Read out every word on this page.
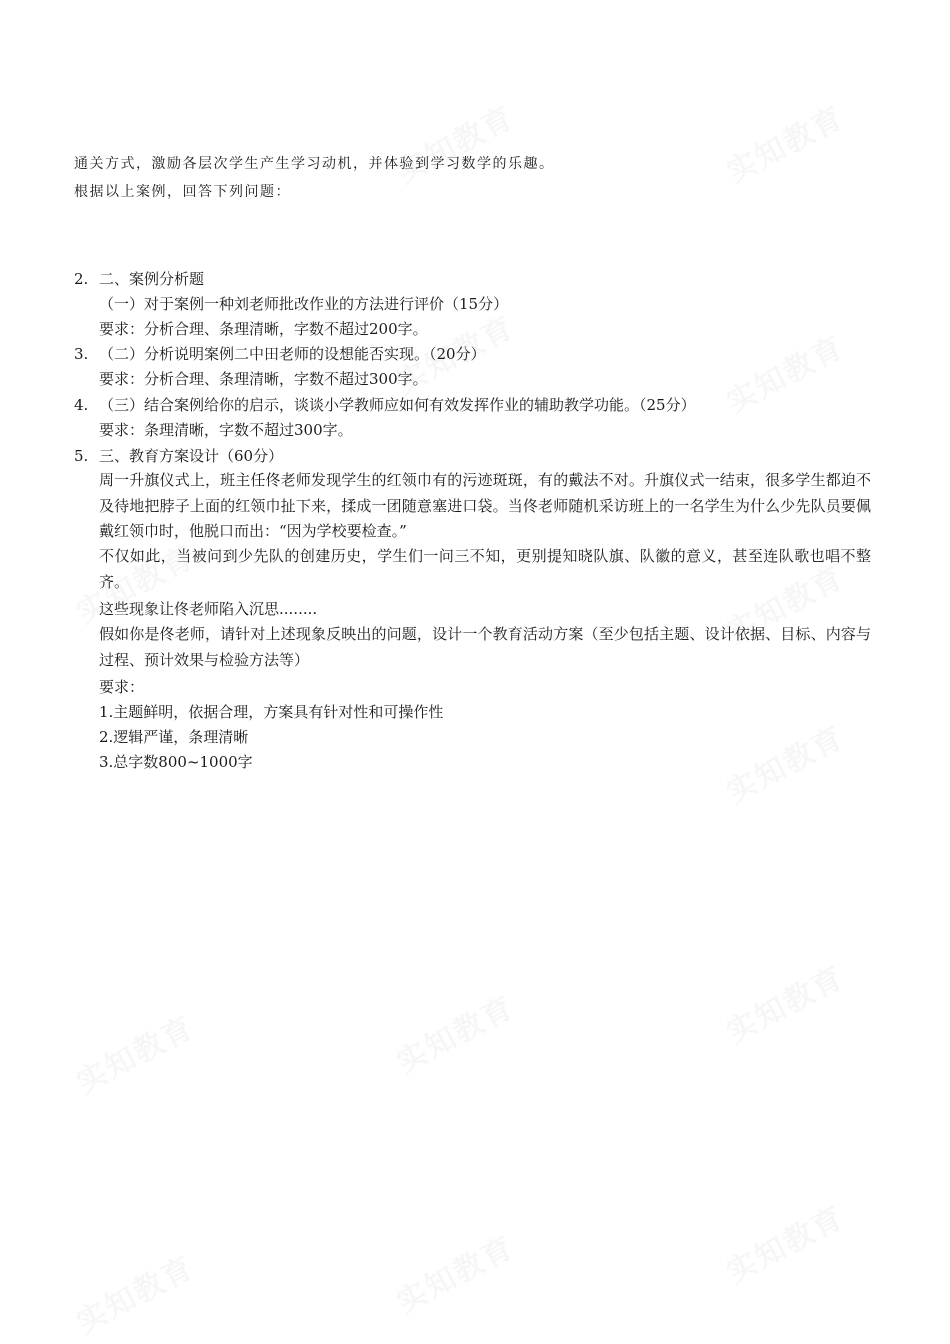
通关方式，激励各层次学生产生学习动机，并体验到学习数学的乐趣。
根据以上案例，回答下列问题：
2. 二、案例分析题
（一）对于案例一种刘老师批改作业的方法进行评价（15分）
要求：分析合理、条理清晰，字数不超过200字。
3. （二）分析说明案例二中田老师的设想能否实现。（20分）
要求：分析合理、条理清晰，字数不超过300字。
4. （三）结合案例给你的启示，谈谈小学教师应如何有效发挥作业的辅助教学功能。（25分）
要求：条理清晰，字数不超过300字。
5. 三、教育方案设计（60分）
周一升旗仪式上，班主任佟老师发现学生的红领巾有的污迹斑斑，有的戴法不对。升旗仪式一结束，很多学生都迫不及待地把脖子上面的红领巾扯下来，揉成一团随意塞进口袋。当佟老师随机采访班上的一名学生为什么少先队员要佩戴红领巾时，他脱口而出：“因为学校要检查。”
不仅如此，当被问到少先队的创建历史，学生们一问三不知，更别提知晓队旗、队徽的意义，甚至连队歌也唱不整齐。
这些现象让佟老师陷入沉思........
假如你是佟老师，请针对上述现象反映出的问题，设计一个教育活动方案（至少包括主题、设计依据、目标、内容与过程、预计效果与检验方法等）
要求：
1.主题鲜明，依据合理，方案具有针对性和可操作性
2.逻辑严谨，条理清晰
3.总字数800~1000字
